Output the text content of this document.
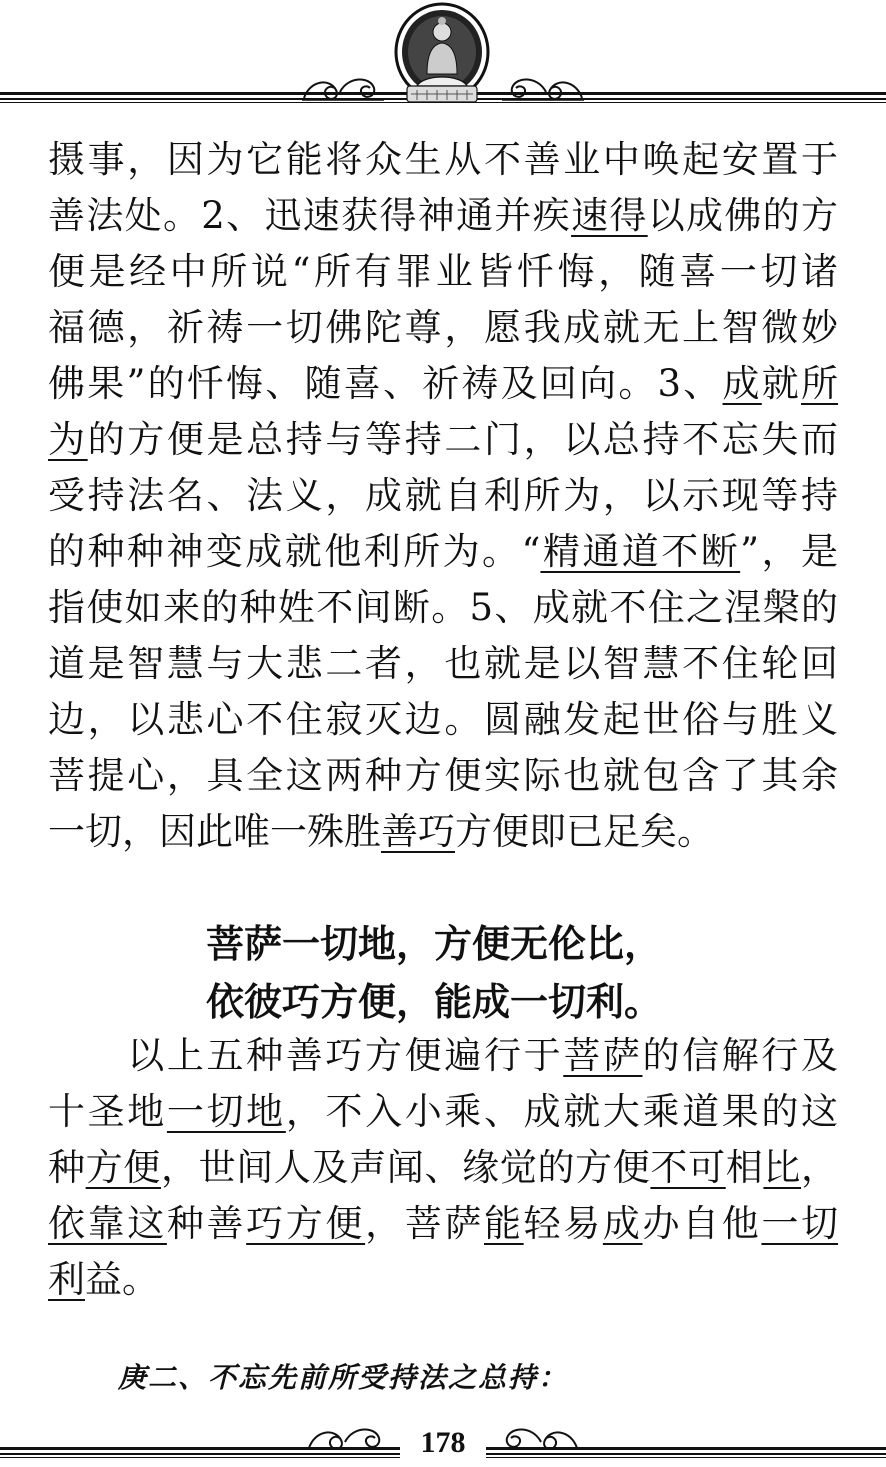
摄事，因为它能将众生从不善业中唤起安置于
善法处。2、迅速获得神通并疾速得以成佛的方
便是经中所说“所有罪业皆忏悔，随喜一切诸
福德，祈祷一切佛陀尊，愿我成就无上智微妙
佛果”的忏悔、随喜、祈祷及回向。3、成就所
为的方便是总持与等持二门，以总持不忘失而
受持法名、法义，成就自利所为，以示现等持
的种种神变成就他利所为。“精通道不断”，是
指使如来的种姓不间断。5、成就不住之涅槃的
道是智慧与大悲二者，也就是以智慧不住轮回
边，以悲心不住寂灭边。圆融发起世俗与胜义
菩提心，具全这两种方便实际也就包含了其余
一切，因此唯一殊胜善巧方便即已足矣。
菩萨一切地，方便无伦比，
依彼巧方便，能成一切利。
　　以上五种善巧方便遍行于菩萨的信解行及
十圣地一切地，不入小乘、成就大乘道果的这
种方便，世间人及声闻、缘觉的方便不可相比，
依靠这种善巧方便，菩萨能轻易成办自他一切
利益。
庚二、不忘先前所受持法之总持：
178
